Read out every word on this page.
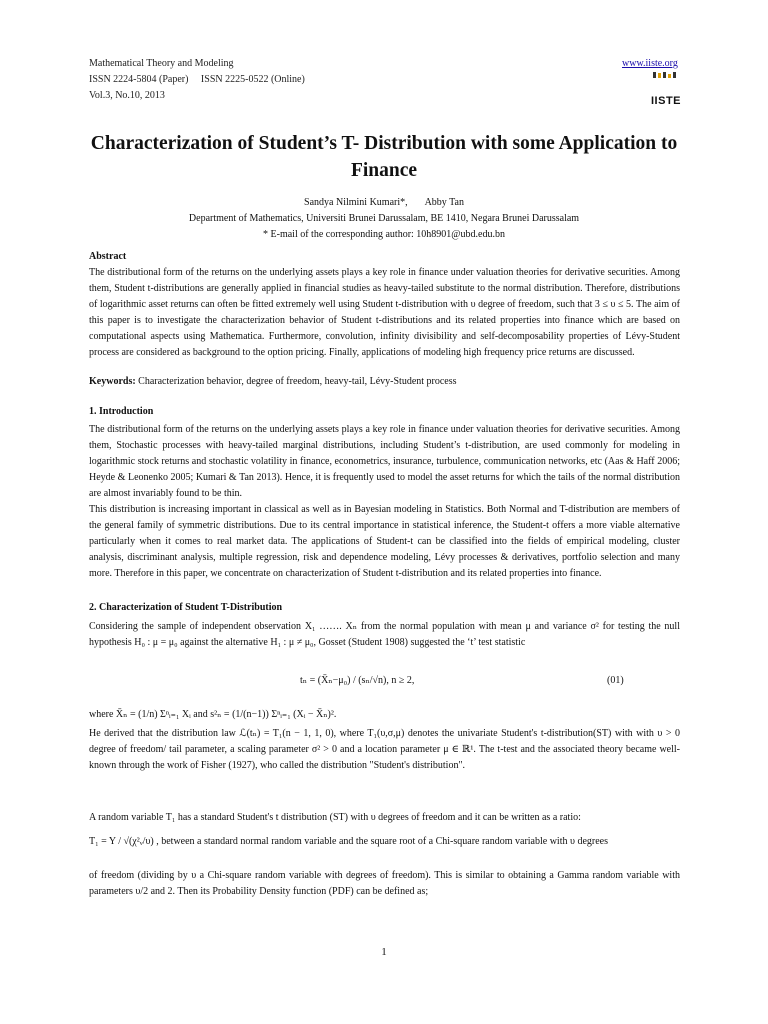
Mathematical Theory and Modeling
ISSN 2224-5804 (Paper)     ISSN 2225-0522 (Online)
Vol.3, No.10, 2013
www.iiste.org
IISTE
Characterization of Student’s T- Distribution with some Application to Finance
Sandya Nilmini Kumari*,       Abby Tan
Department of Mathematics, Universiti Brunei Darussalam, BE 1410, Negara Brunei Darussalam
* E-mail of the corresponding author: 10h8901@ubd.edu.bn
Abstract
The distributional form of the returns on the underlying assets plays a key role in finance under valuation theories for derivative securities. Among them, Student t-distributions are generally applied in financial studies as heavy-tailed substitute to the normal distribution. Therefore, distributions of logarithmic asset returns can often be fitted extremely well using Student t-distribution with υ degree of freedom, such that 3 ≤ υ ≤ 5. The aim of this paper is to investigate the characterization behavior of Student t-distributions and its related properties into finance which are based on computational aspects using Mathematica. Furthermore, convolution, infinity divisibility and self-decomposability properties of Lévy-Student process are considered as background to the option pricing. Finally, applications of modeling high frequency price returns are discussed.
Keywords: Characterization behavior, degree of freedom, heavy-tail, Lévy-Student process
1. Introduction
The distributional form of the returns on the underlying assets plays a key role in finance under valuation theories for derivative securities. Among them, Stochastic processes with heavy-tailed marginal distributions, including Student’s t-distribution, are used commonly for modeling in logarithmic stock returns and stochastic volatility in finance, econometrics, insurance, turbulence, communication networks, etc (Aas & Haff 2006; Heyde & Leonenko 2005; Kumari & Tan 2013). Hence, it is frequently used to model the asset returns for which the tails of the normal distribution are almost invariably found to be thin.
This distribution is increasing important in classical as well as in Bayesian modeling in Statistics. Both Normal and T-distribution are members of the general family of symmetric distributions. Due to its central importance in statistical inference, the Student-t offers a more viable alternative particularly when it comes to real market data. The applications of Student-t can be classified into the fields of empirical modeling, cluster analysis, discriminant analysis, multiple regression, risk and dependence modeling, Lévy processes & derivatives, portfolio selection and many more. Therefore in this paper, we concentrate on characterization of Student t-distribution and its related properties into finance.
2. Characterization of Student T-Distribution
Considering the sample of independent observation X₁ ……. Xₙ from the normal population with mean μ and variance σ² for testing the null hypothesis H₀ : μ = μ₀ against the alternative H₁ : μ ≠ μ₀, Gosset (Student 1908) suggested the ‘t’ test statistic
tₙ = (X̄ₙ−μ₀) / (sₙ/√n), n ≥ 2,	(01)
where X̄ₙ = (1/n) Σⁿᵢ₌₁ Xᵢ and s²ₙ = (1/(n−1)) Σⁿᵢ₌₁ (Xᵢ − X̄ₙ)².
He derived that the distribution law ℒ(tₙ) = T₁(n − 1, 1, 0), where T₁(υ,σ,μ) denotes the univariate Student's t-distribution(ST) with with υ > 0 degree of freedom/ tail parameter, a scaling parameter σ² > 0 and a location parameter μ ∈ ℝ¹. The t-test and the associated theory became well-known through the work of Fisher (1927), who called the distribution "Student's distribution".
A random variable T₁ has a standard Student's t distribution (ST) with υ degrees of freedom and it can be written as a ratio:
T₁ = Y / √(χ²ᵥ/υ) , between a standard normal random variable and the square root of a Chi-square random variable with υ degrees
of freedom (dividing by υ a Chi-square random variable with degrees of freedom). This is similar to obtaining a Gamma random variable with parameters υ/2 and 2. Then its Probability Density function (PDF) can be defined as;
1
